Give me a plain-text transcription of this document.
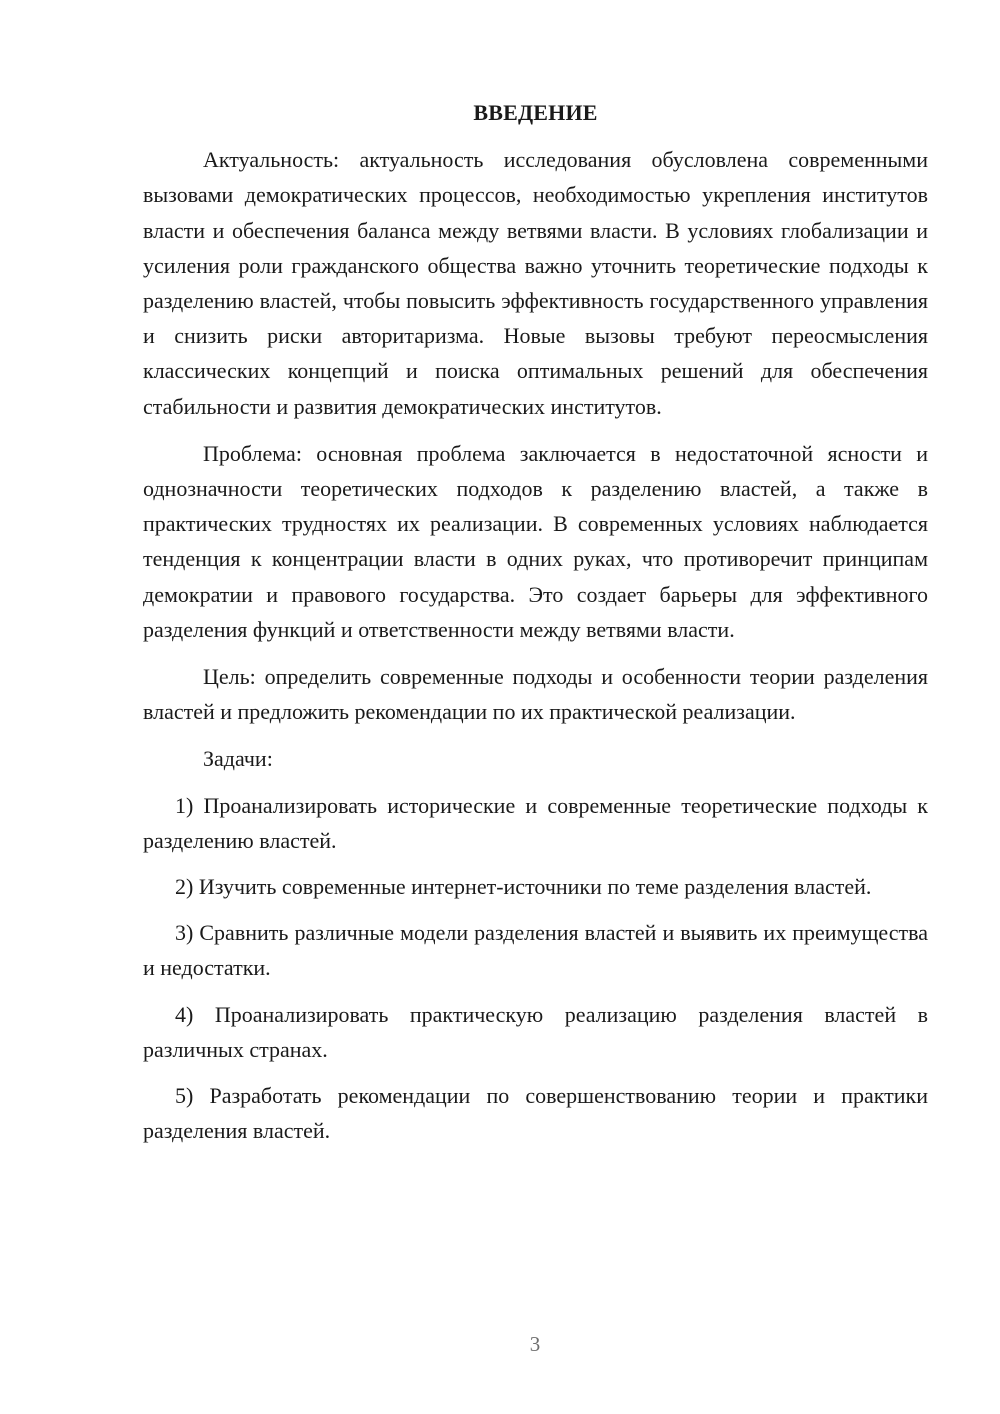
ВВЕДЕНИЕ

Актуальность: актуальность исследования обусловлена современными вызовами демократических процессов, необходимостью укрепления институтов власти и обеспечения баланса между ветвями власти. В условиях глобализации и усиления роли гражданского общества важно уточнить теоретические подходы к разделению властей, чтобы повысить эффективность государственного управления и снизить риски авторитаризма. Новые вызовы требуют переосмысления классических концепций и поиска оптимальных решений для обеспечения стабильности и развития демократических институтов.

Проблема: основная проблема заключается в недостаточной ясности и однозначности теоретических подходов к разделению властей, а также в практических трудностях их реализации. В современных условиях наблюдается тенденция к концентрации власти в одних руках, что противоречит принципам демократии и правового государства. Это создает барьеры для эффективного разделения функций и ответственности между ветвями власти.

Цель: определить современные подходы и особенности теории разделения властей и предложить рекомендации по их практической реализации.

Задачи:

1) Проанализировать исторические и современные теоретические подходы к разделению властей.

2) Изучить современные интернет-источники по теме разделения властей.

3) Сравнить различные модели разделения властей и выявить их преимущества и недостатки.

4) Проанализировать практическую реализацию разделения властей в различных странах.

5) Разработать рекомендации по совершенствованию теории и практики разделения властей.

3
